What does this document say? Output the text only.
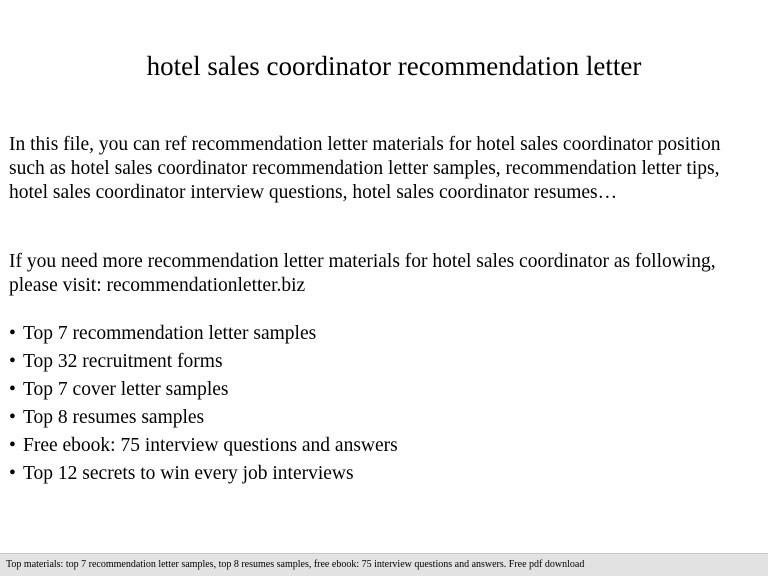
hotel sales coordinator recommendation letter

In this file, you can ref recommendation letter materials for hotel sales coordinator position such as hotel sales coordinator recommendation letter samples, recommendation letter tips, hotel sales coordinator interview questions, hotel sales coordinator resumes…

If you need more recommendation letter materials for hotel sales coordinator as following, please visit: recommendationletter.biz

• Top 7 recommendation letter samples
• Top 32 recruitment forms
• Top 7 cover letter samples
• Top 8 resumes samples
• Free ebook: 75 interview questions and answers
• Top 12 secrets to win every job interviews
Top materials: top 7 recommendation letter samples, top 8 resumes samples, free ebook: 75 interview questions and answers. Free pdf download
